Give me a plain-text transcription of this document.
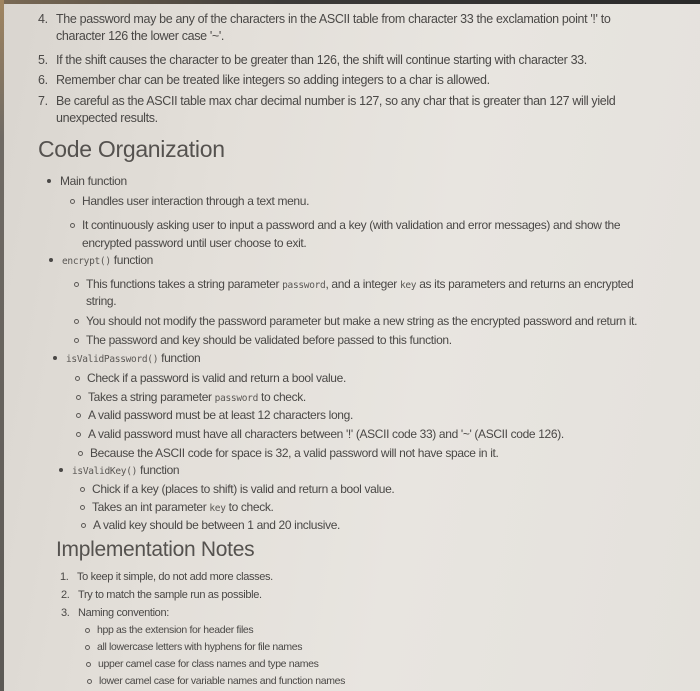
4. The password may be any of the characters in the ASCII table from character 33 the exclamation point '!' to
character 126 the lower case '~'.
5. If the shift causes the character to be greater than 126, the shift will continue starting with character 33.
6. Remember char can be treated like integers so adding integers to a char is allowed.
7. Be careful as the ASCII table max char decimal number is 127, so any char that is greater than 127 will yield
unexpected results.
Code Organization
Main function
Handles user interaction through a text menu.
It continuously asking user to input a password and a key (with validation and error messages) and show the
encrypted password until user choose to exit.
encrypt() function
This functions takes a string parameter password, and a integer key as its parameters and returns an encrypted
string.
You should not modify the password parameter but make a new string as the encrypted password and return it.
The password and key should be validated before passed to this function.
isValidPassword() function
Check if a password is valid and return a bool value.
Takes a string parameter password to check.
A valid password must be at least 12 characters long.
A valid password must have all characters between '!' (ASCII code 33) and '~' (ASCII code 126).
Because the ASCII code for space is 32, a valid password will not have space in it.
isValidKey() function
Chick if a key (places to shift) is valid and return a bool value.
Takes an int parameter key to check.
A valid key should be between 1 and 20 inclusive.
Implementation Notes
1. To keep it simple, do not add more classes.
2. Try to match the sample run as possible.
3. Naming convention:
hpp as the extension for header files
all lowercase letters with hyphens for file names
upper camel case for class names and type names
lower camel case for variable names and function names
